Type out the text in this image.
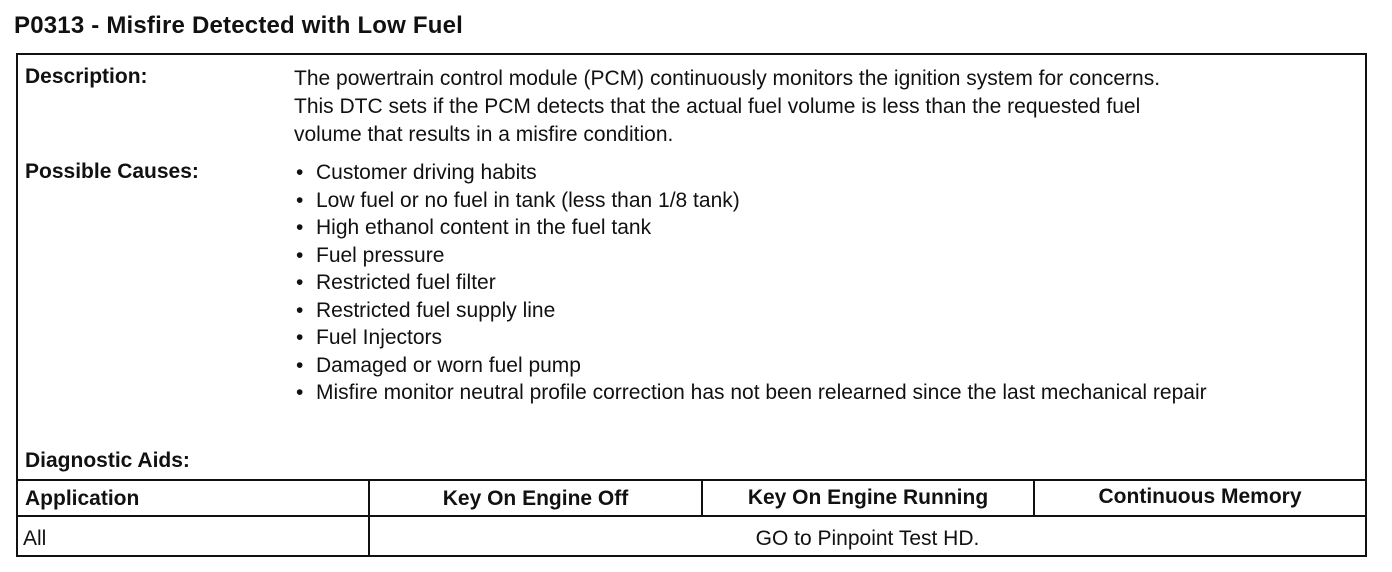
P0313 - Misfire Detected with Low Fuel
Description:	The powertrain control module (PCM) continuously monitors the ignition system for concerns.
This DTC sets if the PCM detects that the actual fuel volume is less than the requested fuel
volume that results in a misfire condition.
Possible Causes:	• Customer driving habits
• Low fuel or no fuel in tank (less than 1/8 tank)
• High ethanol content in the fuel tank
• Fuel pressure
• Restricted fuel filter
• Restricted fuel supply line
• Fuel Injectors
• Damaged or worn fuel pump
• Misfire monitor neutral profile correction has not been relearned since the last mechanical repair
Diagnostic Aids:
Application	Key On Engine Off	Key On Engine Running	Continuous Memory
All	GO to Pinpoint Test HD.
